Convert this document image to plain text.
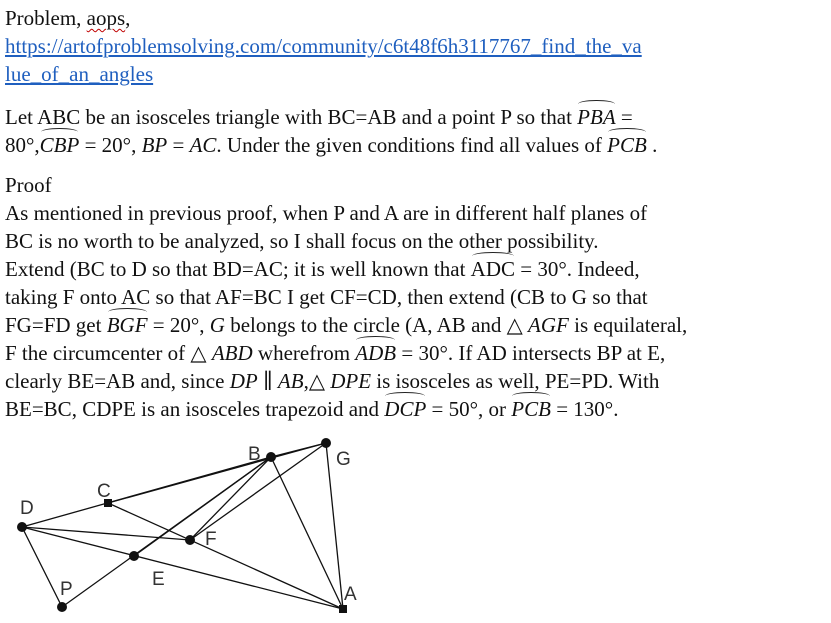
Problem, aops,
https://artofproblemsolving.com/community/c6t48f6h3117767_find_the_va
lue_of_an_angles
Let ABC be an isosceles triangle with BC=AB and a point P so that PBA =
80°,CBP = 20°, BP = AC. Under the given conditions find all values of PCB .
Proof
As mentioned in previous proof, when P and A are in different half planes of
BC is no worth to be analyzed, so I shall focus on the other possibility.
Extend (BC to D so that BD=AC; it is well known that ADC = 30°. Indeed,
taking F onto AC so that AF=BC I get CF=CD, then extend (CB to G so that
FG=FD get BGF = 20°, G belongs to the circle (A, AB and △ AGF is equilateral,
F the circumcenter of △ ABD wherefrom ADB = 30°. If AD intersects BP at E,
clearly BE=AB and, since DP ∥ AB,△ DPE is isosceles as well, PE=PD. With
BE=BC, CDPE is an isosceles trapezoid and DCP = 50°, or PCB = 130°.
B	G
C
D
F
E
P	A
